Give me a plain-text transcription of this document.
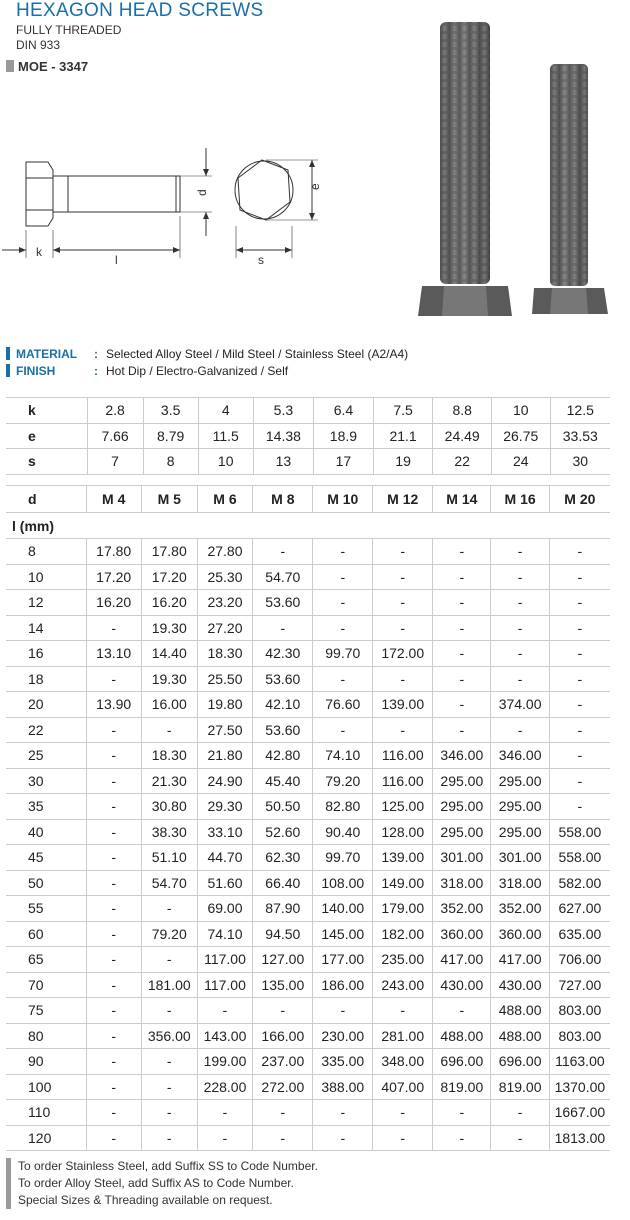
HEXAGON HEAD SCREWS
FULLY THREADED
DIN 933
MOE - 3347
k
l
d
e
s
MATERIAL	: Selected Alloy Steel / Mild Steel / Stainless Steel (A2/A4)
FINISH	: Hot Dip / Electro-Galvanized / Self
k	2.8	3.5	4	5.3	6.4	7.5	8.8	10	12.5
e	7.66	8.79	11.5	14.38	18.9	21.1	24.49	26.75	33.53
s	7	8	10	13	17	19	22	24	30
d	M 4	M 5	M 6	M 8	M 10	M 12	M 14	M 16	M 20
l (mm)									
8	17.80	17.80	27.80	-	-	-	-	-	-
10	17.20	17.20	25.30	54.70	-	-	-	-	-
12	16.20	16.20	23.20	53.60	-	-	-	-	-
14	-	19.30	27.20	-	-	-	-	-	-
16	13.10	14.40	18.30	42.30	99.70	172.00	-	-	-
18	-	19.30	25.50	53.60	-	-	-	-	-
20	13.90	16.00	19.80	42.10	76.60	139.00	-	374.00	-
22	-	-	27.50	53.60	-	-	-	-	-
25	-	18.30	21.80	42.80	74.10	116.00	346.00	346.00	-
30	-	21.30	24.90	45.40	79.20	116.00	295.00	295.00	-
35	-	30.80	29.30	50.50	82.80	125.00	295.00	295.00	-
40	-	38.30	33.10	52.60	90.40	128.00	295.00	295.00	558.00
45	-	51.10	44.70	62.30	99.70	139.00	301.00	301.00	558.00
50	-	54.70	51.60	66.40	108.00	149.00	318.00	318.00	582.00
55	-	-	69.00	87.90	140.00	179.00	352.00	352.00	627.00
60	-	79.20	74.10	94.50	145.00	182.00	360.00	360.00	635.00
65	-	-	117.00	127.00	177.00	235.00	417.00	417.00	706.00
70	-	181.00	117.00	135.00	186.00	243.00	430.00	430.00	727.00
75	-	-	-	-	-	-	-	488.00	803.00
80	-	356.00	143.00	166.00	230.00	281.00	488.00	488.00	803.00
90	-	-	199.00	237.00	335.00	348.00	696.00	696.00	1163.00
100	-	-	228.00	272.00	388.00	407.00	819.00	819.00	1370.00
110	-	-	-	-	-	-	-	-	1667.00
120	-	-	-	-	-	-	-	-	1813.00
To order Stainless Steel, add Suffix SS to Code Number.
To order Alloy Steel, add Suffix AS to Code Number.
Special Sizes & Threading available on request.
